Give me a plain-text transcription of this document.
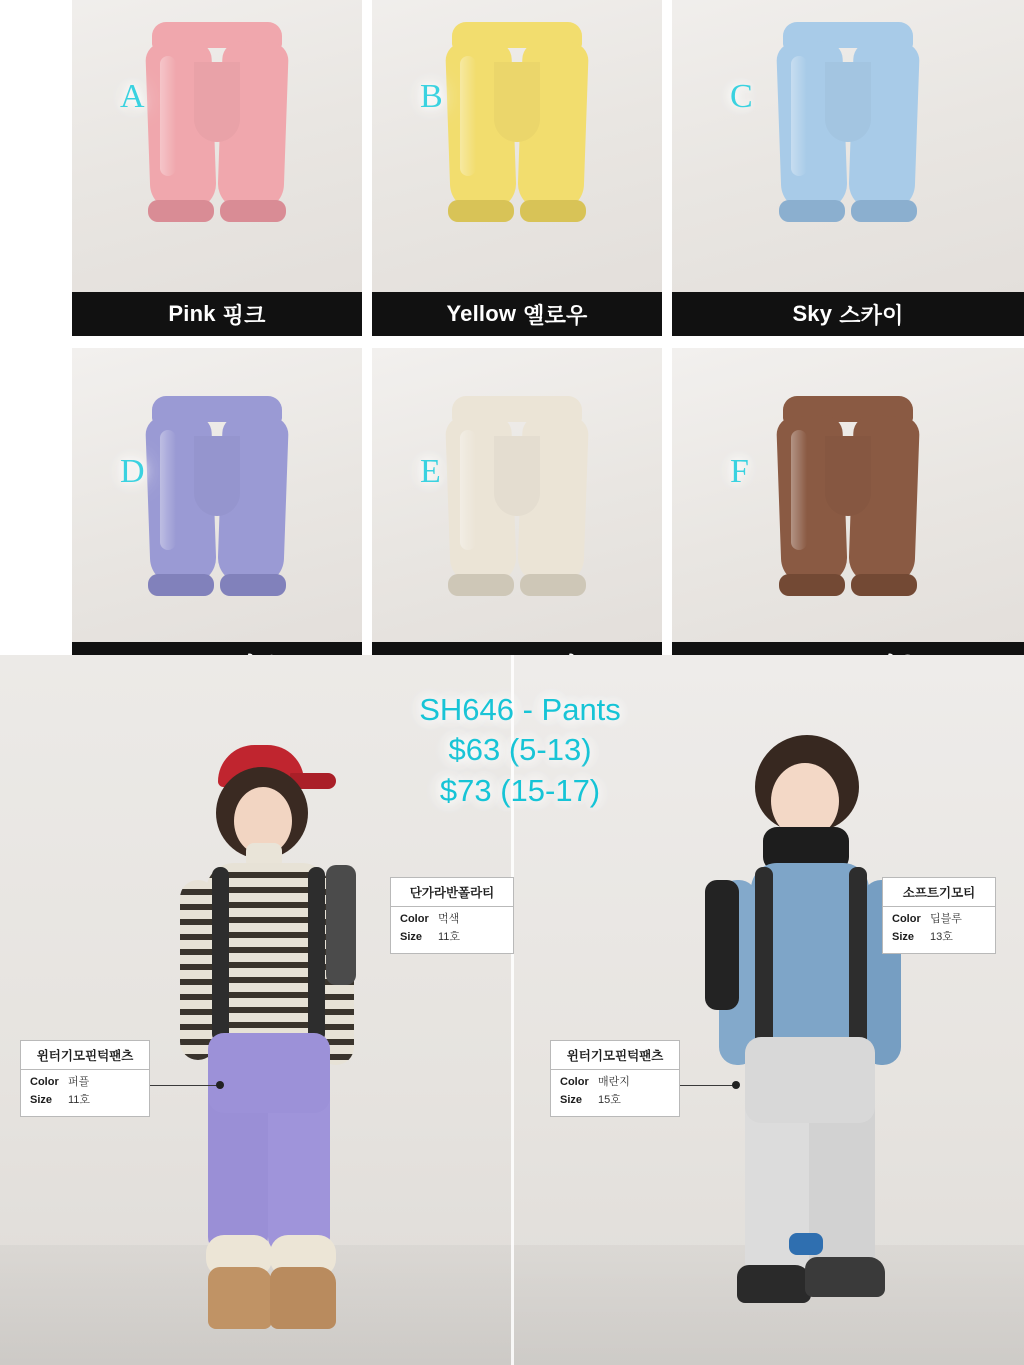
A
Pink 핑크
D
B
Yellow 옐로우
E
C
Sky 스카이
F
단가라반폴라티
Color 먹색
Size	11호
윈터기모핀턱팬츠
Color 퍼플
Size	11호
소프트기모티
Color 딥블루
Size	13호
윈터기모핀턱팬츠
Color 매란지
Size	15호
SH646 - Pants
$63 (5-13)
$73 (15-17)
